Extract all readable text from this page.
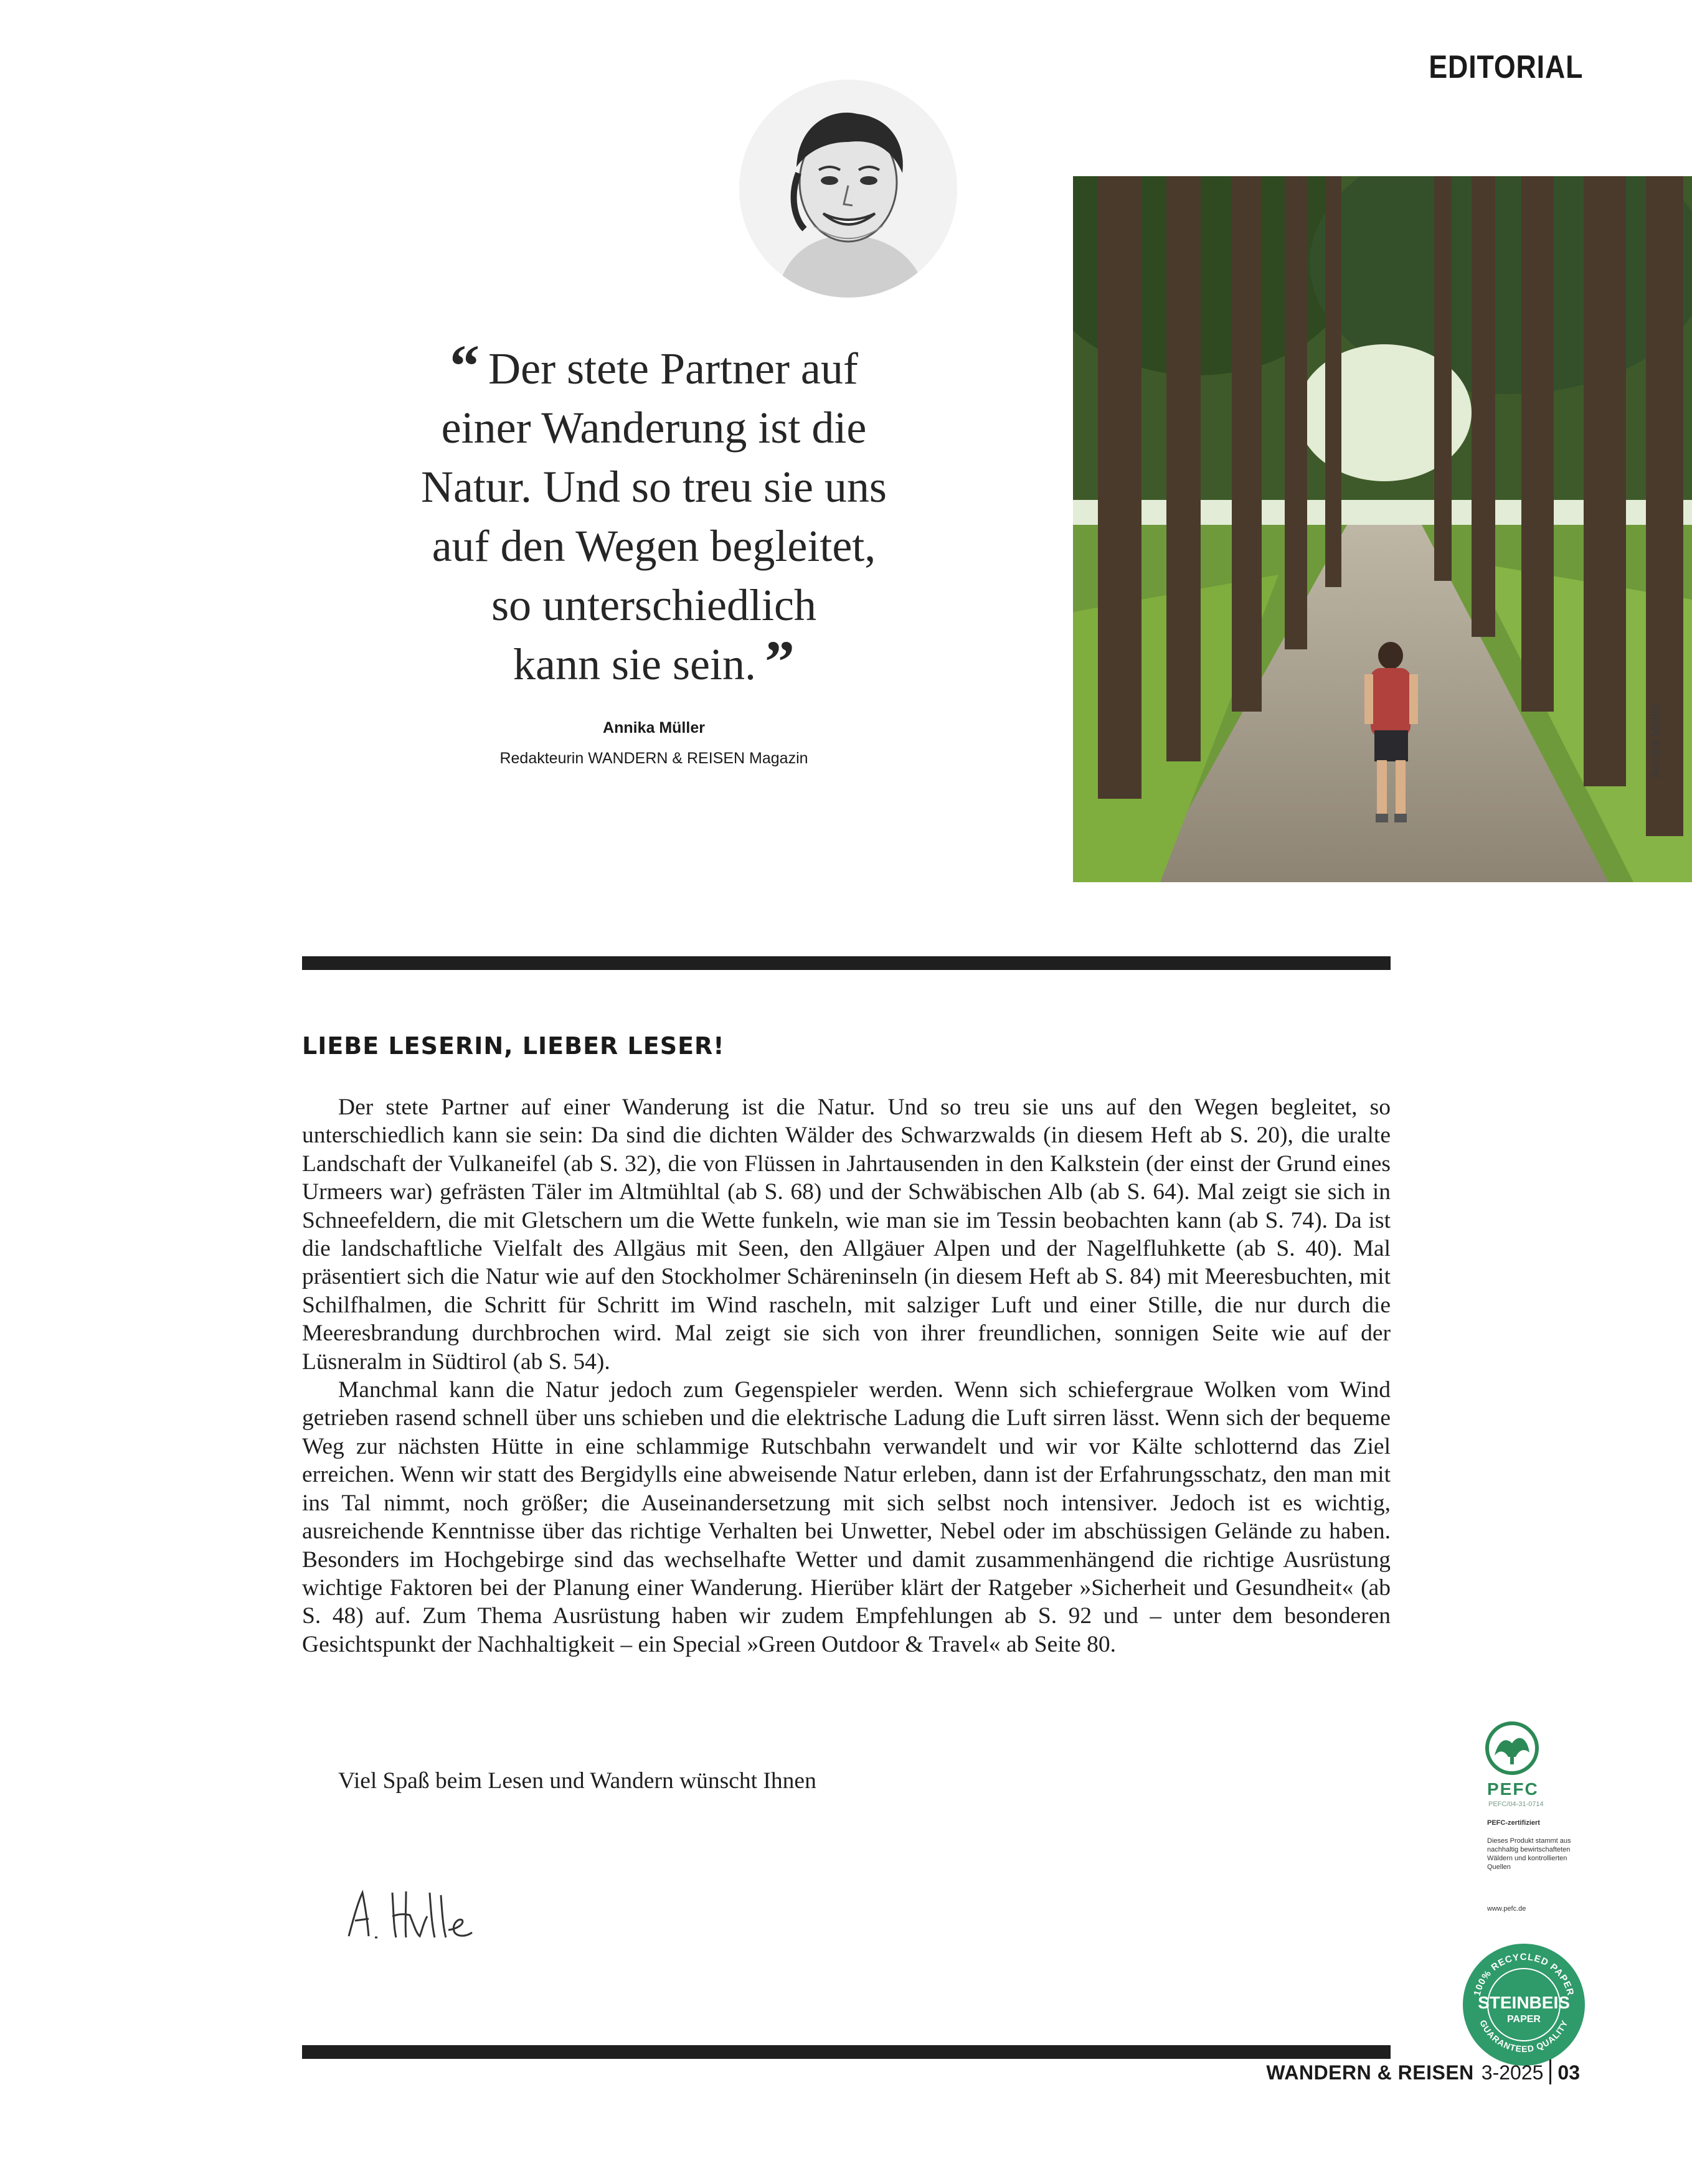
EDITORIAL
“ Der stete Partner auf
einer Wanderung ist die
Natur. Und so treu sie uns
auf den Wegen begleitet,
so unterschiedlich
kann sie sein. ”
Annika Müller
Redakteurin WANDERN & REISEN Magazin	Annika Müller
LIEBE LESERIN, LIEBER LESER!

Der stete Partner auf einer Wanderung ist die Natur. Und so treu sie uns auf den Wegen begleitet, so unterschiedlich kann sie sein: Da sind die dichten Wälder des Schwarzwalds (in diesem Heft ab S. 20), die uralte Landschaft der Vulkaneifel (ab S. 32), die von Flüssen in Jahrtausenden in den Kalkstein (der einst der Grund eines Urmeers war) gefrästen Täler im Altmühltal (ab S. 68) und der Schwäbischen Alb (ab S. 64). Mal zeigt sie sich in Schneefeldern, die mit Gletschern um die Wette funkeln, wie man sie im Tessin beobachten kann (ab S. 74). Da ist die landschaftliche Vielfalt des Allgäus mit Seen, den Allgäuer Alpen und der Nagelfluhkette (ab S. 40). Mal präsentiert sich die Natur wie auf den Stockholmer Schäreninseln (in diesem Heft ab S. 84) mit Meeresbuchten, mit Schilfhalmen, die Schritt für Schritt im Wind rascheln, mit salziger Luft und einer Stille, die nur durch die Meeresbrandung durchbrochen wird. Mal zeigt sie sich von ihrer freundlichen, sonnigen Seite wie auf der Lüsneralm in Südtirol (ab S. 54).

Manchmal kann die Natur jedoch zum Gegenspieler werden. Wenn sich schiefergraue Wolken vom Wind getrieben rasend schnell über uns schieben und die elektrische Ladung die Luft sirren lässt. Wenn sich der bequeme Weg zur nächsten Hütte in eine schlammige Rutschbahn verwandelt und wir vor Kälte schlotternd das Ziel erreichen. Wenn wir statt des Bergidylls eine abweisende Natur erleben, dann ist der Erfahrungsschatz, den man mit ins Tal nimmt, noch größer; die Auseinandersetzung mit sich selbst noch intensiver. Jedoch ist es wichtig, ausreichende Kenntnisse über das richtige Verhalten bei Unwetter, Nebel oder im abschüssigen Gelände zu haben. Besonders im Hochgebirge sind das wechselhafte Wetter und damit zusammenhängend die richtige Ausrüstung wichtige Faktoren bei der Planung einer Wanderung. Hierüber klärt der Ratgeber »Sicherheit und Gesundheit« (ab S. 48) auf. Zum Thema Ausrüstung haben wir zudem Empfehlungen ab S. 92 und – unter dem besonderen Gesichtspunkt der Nachhaltigkeit – ein Special »Green Outdoor & Travel« ab Seite 80.

Viel Spaß beim Lesen und Wandern wünscht Ihnen	PEFC
PEFC/04-31-0714
PEFC-zertifiziert
Dieses Produkt stammt aus nachhaltig bewirtschafteten Wäldern und kontrollierten Quellen
www.pefc.de
100% RECYCLED PAPER
GUARANTEED QUALITY
STEINBEIS
PAPER
WANDERN & REISEN 3-2025 03
